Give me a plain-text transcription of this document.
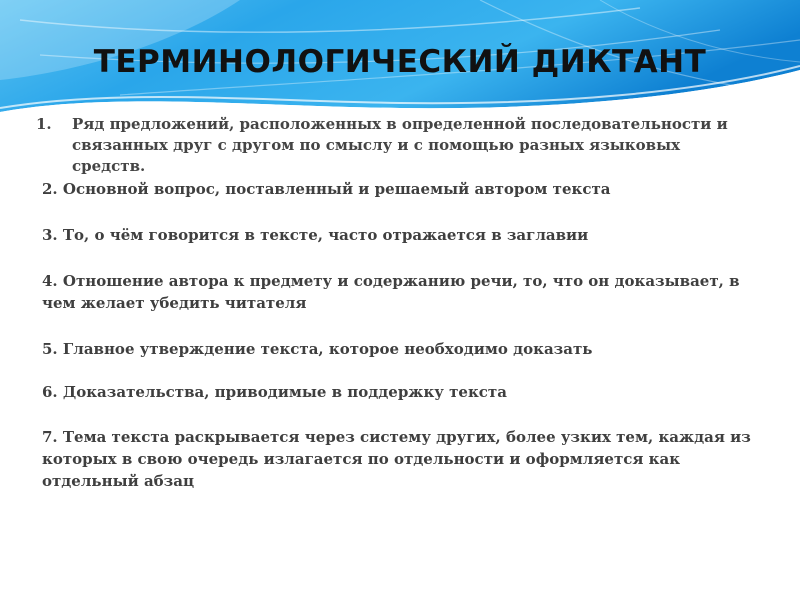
ТЕРМИНОЛОГИЧЕСКИЙ ДИКТАНТ
1. Ряд предложений, расположенных в определенной последовательности и связанных друг с другом по смыслу и с помощью разных языковых средств.

2. Основной вопрос, поставленный и решаемый автором текста

3. То, о чём говорится в тексте, часто отражается в заглавии

4. Отношение автора к предмету и содержанию речи, то, что он доказывает, в чем желает убедить читателя

5. Главное утверждение текста, которое необходимо доказать

6. Доказательства, приводимые в поддержку текста

7. Тема текста раскрывается через систему других, более узких тем, каждая из которых в свою очередь излагается по отдельности и оформляется как отдельный абзац
